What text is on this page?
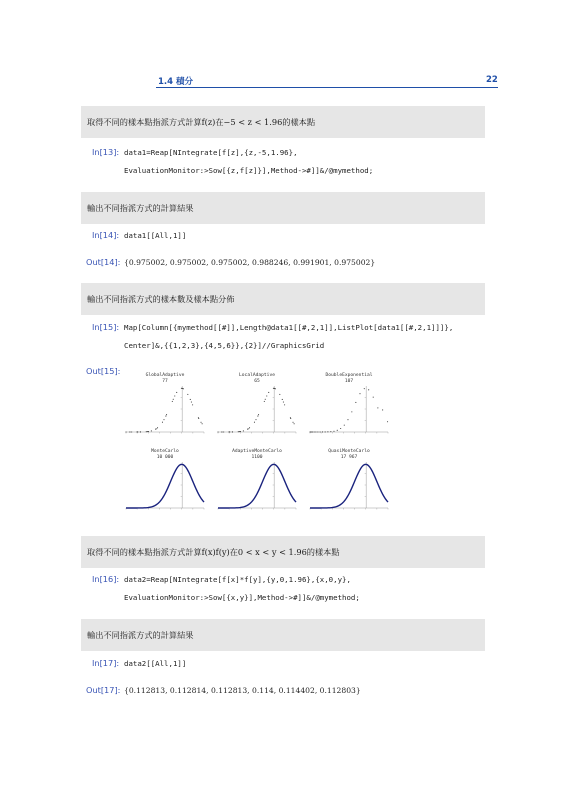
1.4 積分	22
取得不同的樣本點指派方式計算f(z)在−5 < z < 1.96的樣本點
In[13]: data1=Reap[NIntegrate[f[z],{z,-5,1.96},
EvaluationMonitor:>Sow[{z,f[z]}],Method->#]]&/@mymethod;
輸出不同指派方式的計算結果
In[14]: data1[[All,1]]
Out[14]: {0.975002, 0.975002, 0.975002, 0.988246, 0.991901, 0.975002}
輸出不同指派方式的樣本數及樣本點分佈
In[15]: Map[Column[{mymethod[[#]],Length@data1[[#,2,1]],ListPlot[data1[[#,2,1]]]},
Center]&,{{1,2,3},{4,5,6}},{2}]//GraphicsGrid
Out[15]:	GlobalAdaptive
77
LocalAdaptive
65
DoubleExponential
107
MonteCarlo
10 000
AdaptiveMonteCarlo
1100
QuasiMonteCarlo
17 967
取得不同的樣本點指派方式計算f(x)f(y)在0 < x < y < 1.96的樣本點
In[16]: data2=Reap[NIntegrate[f[x]*f[y],{y,0,1.96},{x,0,y},
EvaluationMonitor:>Sow[{x,y}],Method->#]]&/@mymethod;
輸出不同指派方式的計算結果
In[17]: data2[[All,1]]
Out[17]: {0.112813, 0.112814, 0.112813, 0.114, 0.114402, 0.112803}
